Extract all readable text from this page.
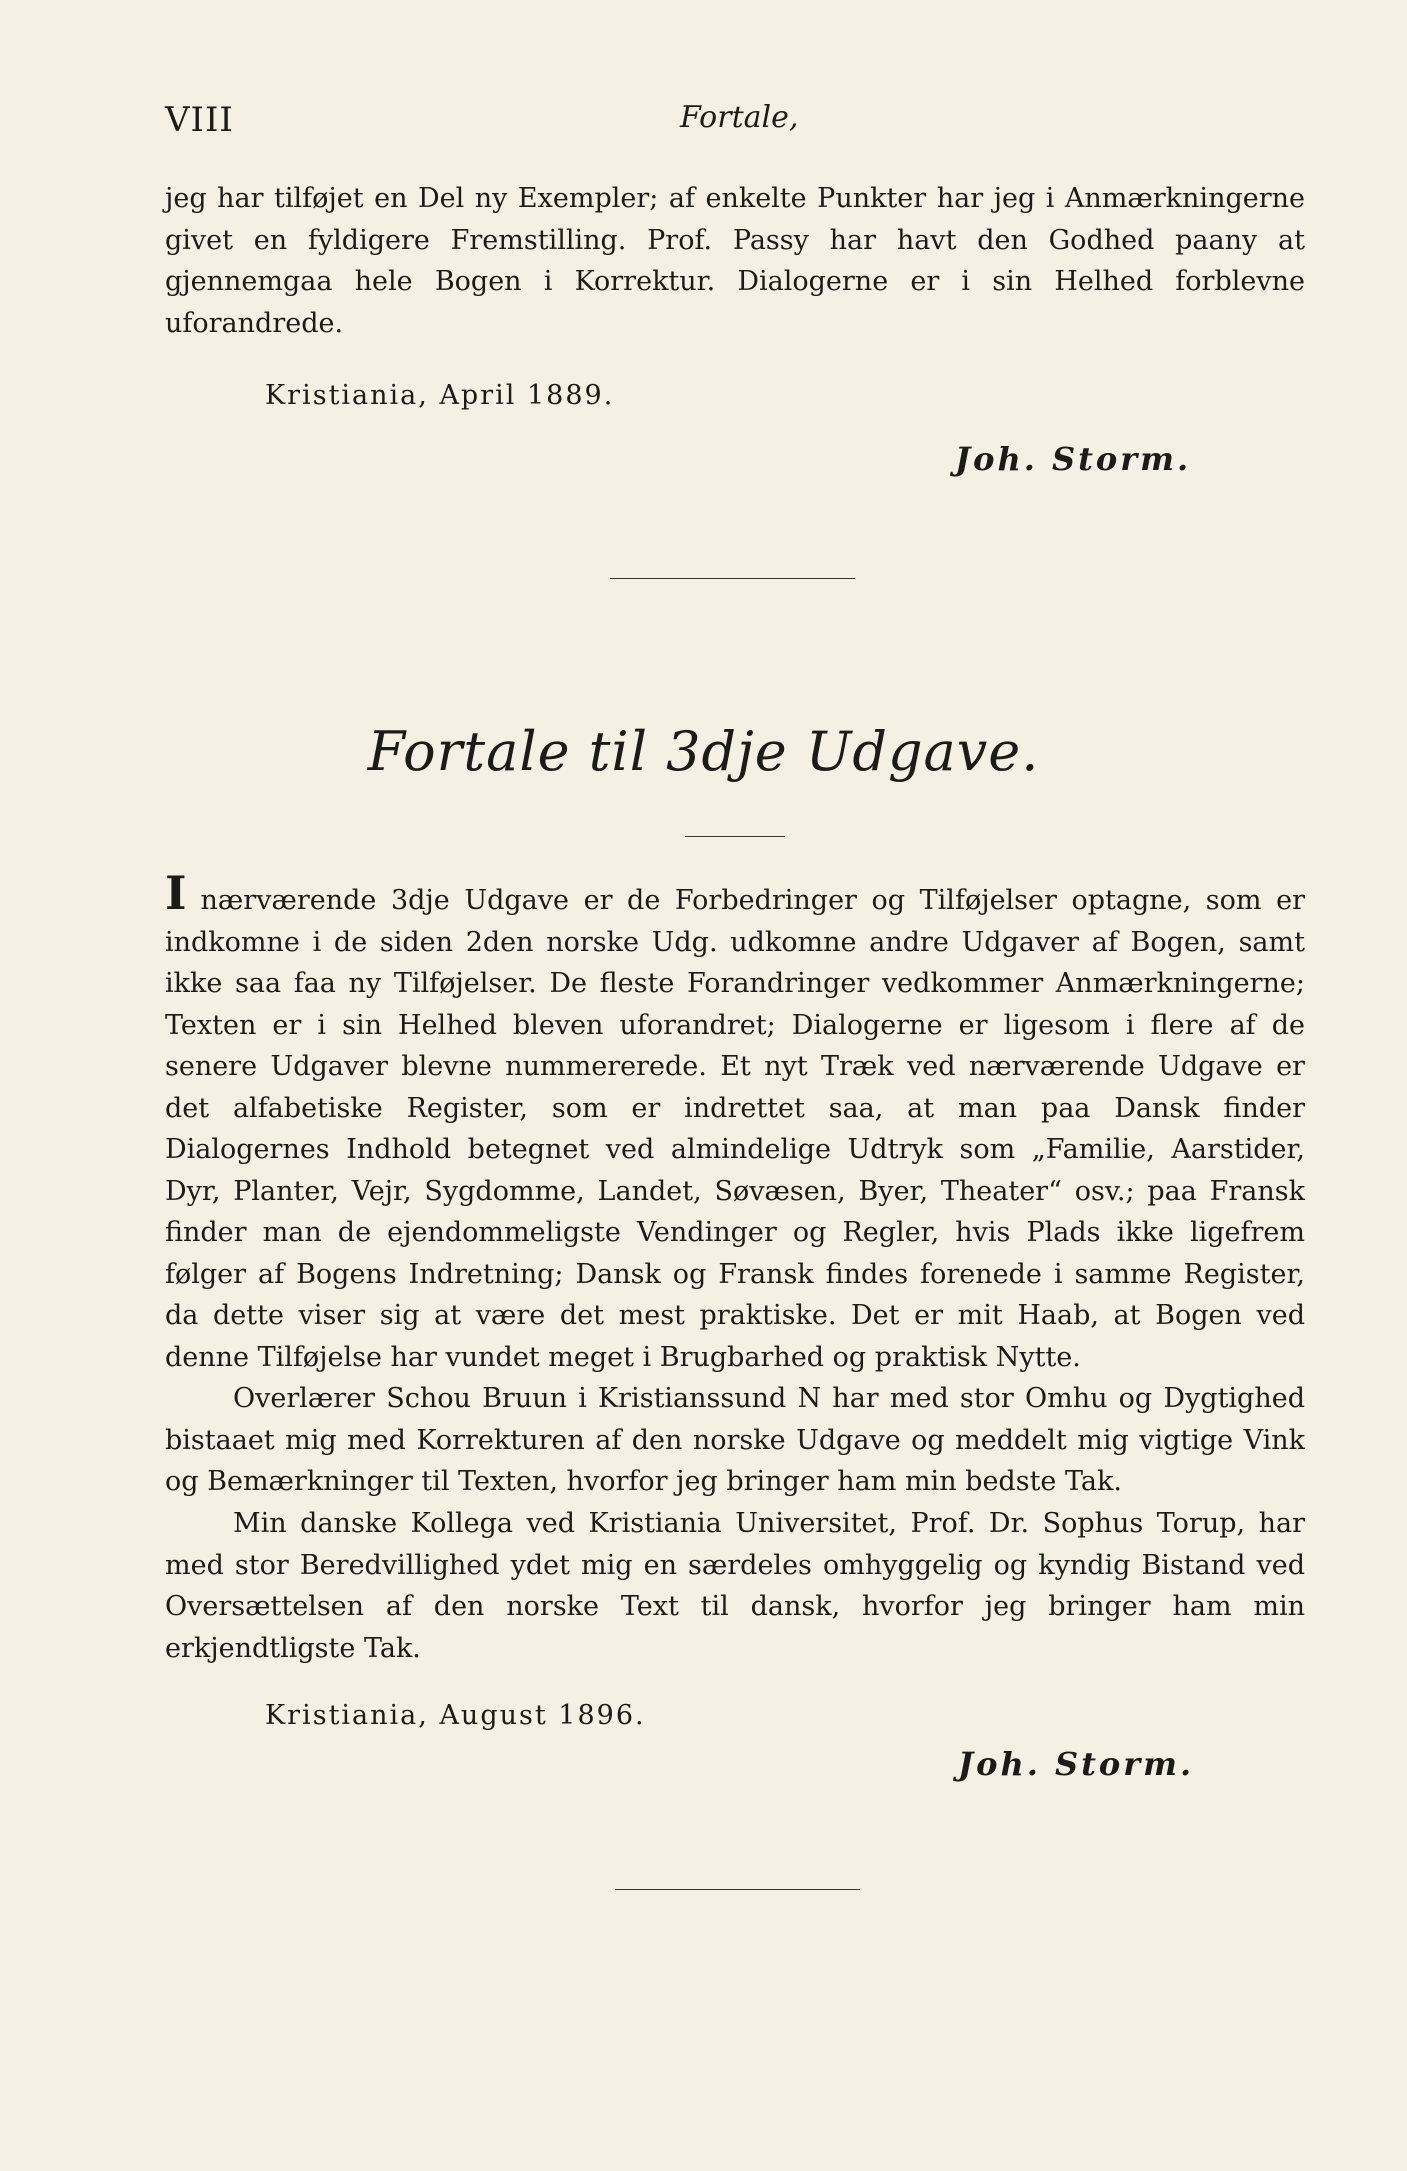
VIII	Fortale,

jeg har tilføjet en Del ny Exempler; af enkelte Punkter har jeg i Anmærkningerne givet en fyldigere Fremstilling. Prof. Passy har havt den Godhed paany at gjennemgaa hele Bogen i Korrektur. Dialogerne er i sin Helhed forblevne uforandrede.

Kristiania, April 1889.
Joh. Storm.
Fortale til 3dje Udgave.

Inærværende 3dje Udgave er de Forbedringer og Tilføjelser optagne, som er indkomne i de siden 2den norske Udg. udkomne andre Udgaver af Bogen, samt ikke saa faa ny Tilføjelser. De fleste Forandringer vedkommer Anmærkningerne; Texten er i sin Helhed bleven uforandret; Dialogerne er ligesom i flere af de senere Udgaver blevne nummererede. Et nyt Træk ved nærværende Udgave er det alfabetiske Register, som er indrettet saa, at man paa Dansk finder Dialogernes Indhold betegnet ved almindelige Udtryk som „Familie, Aarstider, Dyr, Planter, Vejr, Sygdomme, Landet, Søvæsen, Byer, Theater“ osv.; paa Fransk finder man de ejendommeligste Vendinger og Regler, hvis Plads ikke ligefrem følger af Bogens Indretning; Dansk og Fransk findes forenede i samme Register, da dette viser sig at være det mest praktiske. Det er mit Haab, at Bogen ved denne Tilføjelse har vundet meget i Brugbarhed og praktisk Nytte.

Overlærer Schou Bruun i Kristianssund N har med stor Omhu og Dygtighed bistaaet mig med Korrekturen af den norske Udgave og meddelt mig vigtige Vink og Bemærkninger til Texten, hvorfor jeg bringer ham min bedste Tak.

Min danske Kollega ved Kristiania Universitet, Prof. Dr. Sophus Torup, har med stor Beredvillighed ydet mig en særdeles omhyggelig og kyndig Bistand ved Oversættelsen af den norske Text til dansk, hvorfor jeg bringer ham min erkjendtligste Tak.

Kristiania, August 1896.
Joh. Storm.
